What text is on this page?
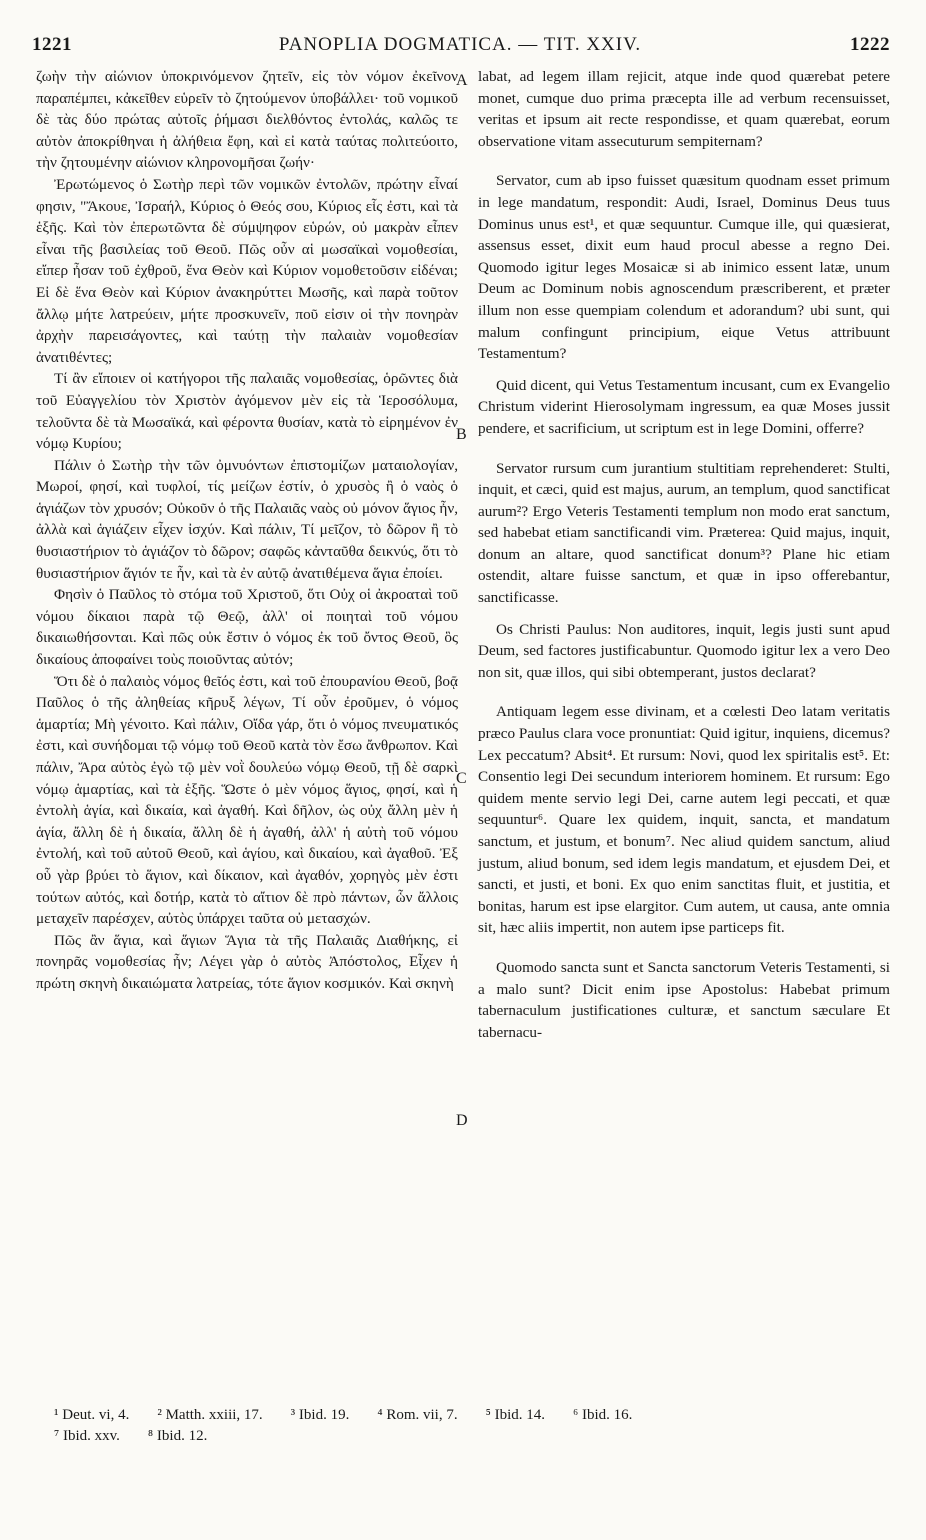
1221	PANOPLIA DOGMATICA. — TIT. XXIV.	1222

ζωὴν τὴν αἰώνιον ὑποκρινόμενον ζητεῖν, εἰς τὸν νόμον ἐκεῖνον παραπέμπει, κἀκεῖθεν εὑρεῖν τὸ ζητούμενον ὑποβάλλει· τοῦ νομικοῦ δὲ τὰς δύο πρώτας αὐτοῖς ῥήμασι διελθόντος ἐντολάς, καλῶς τε αὐτὸν ἀποκρίθηναι ἡ ἀλήθεια ἔφη, καὶ εἰ κατὰ ταύτας πολιτεύοιτο, τὴν ζητουμένην αἰώνιον κληρονομῆσαι ζωήν·

Ἐρωτώμενος ὁ Σωτὴρ περὶ τῶν νομικῶν ἐντολῶν, πρώτην εἶναί φησιν, "Ἄκουε, Ἰσραήλ, Κύριος ὁ Θεός σου, Κύριος εἷς ἐστι, καὶ τὰ ἑξῆς. Καὶ τὸν ἐπερωτῶντα δὲ σύμψηφον εὑρών, οὐ μακρὰν εἶπεν εἶναι τῆς βασιλείας τοῦ Θεοῦ. Πῶς οὖν αἱ μωσαϊκαὶ νομοθεσίαι, εἴπερ ἦσαν τοῦ ἐχθροῦ, ἕνα Θεὸν καὶ Κύριον νομοθετοῦσιν εἰδέναι; Εἰ δὲ ἕνα Θεὸν καὶ Κύριον ἀνακηρύττει Μωσῆς, καὶ παρὰ τοῦτον ἄλλῳ μήτε λατρεύειν, μήτε προσκυνεῖν, ποῦ εἰσιν οἱ τὴν πονηρὰν ἀρχὴν παρεισάγοντες, καὶ ταύτῃ τὴν παλαιὰν νομοθεσίαν ἀνατιθέντες;

Τί ἂν εἴποιεν οἱ κατήγοροι τῆς παλαιᾶς νομοθεσίας, ὁρῶντες διὰ τοῦ Εὐαγγελίου τὸν Χριστὸν ἀγόμενον μὲν εἰς τὰ Ἱεροσόλυμα, τελοῦντα δὲ τὰ Μωσαϊκά, καὶ φέροντα θυσίαν, κατὰ τὸ εἰρημένον ἐν νόμῳ Κυρίου;

Πάλιν ὁ Σωτὴρ τὴν τῶν ὀμνυόντων ἐπιστομίζων ματαιολογίαν, Μωροί, φησί, καὶ τυφλοί, τίς μείζων ἐστίν, ὁ χρυσὸς ἢ ὁ ναὸς ὁ ἁγιάζων τὸν χρυσόν; Οὐκοῦν ὁ τῆς Παλαιᾶς ναὸς οὐ μόνον ἅγιος ἦν, ἀλλὰ καὶ ἁγιάζειν εἶχεν ἰσχύν. Καὶ πάλιν, Τί μεῖζον, τὸ δῶρον ἢ τὸ θυσιαστήριον τὸ ἁγιάζον τὸ δῶρον; σαφῶς κἀνταῦθα δεικνύς, ὅτι τὸ θυσιαστήριον ἅγιόν τε ἦν, καὶ τὰ ἐν αὐτῷ ἀνατιθέμενα ἅγια ἐποίει.

Φησὶν ὁ Παῦλος τὸ στόμα τοῦ Χριστοῦ, ὅτι Οὐχ οἱ ἀκροαταὶ τοῦ νόμου δίκαιοι παρὰ τῷ Θεῷ, ἀλλ' οἱ ποιηταὶ τοῦ νόμου δικαιωθήσονται. Καὶ πῶς οὐκ ἔστιν ὁ νόμος ἐκ τοῦ ὄντος Θεοῦ, ὃς δικαίους ἀποφαίνει τοὺς ποιοῦντας αὐτόν;

Ὅτι δὲ ὁ παλαιὸς νόμος θεῖός ἐστι, καὶ τοῦ ἐπουρανίου Θεοῦ, βοᾷ Παῦλος ὁ τῆς ἀληθείας κῆρυξ λέγων, Τί οὖν ἐροῦμεν, ὁ νόμος ἁμαρτία; Μὴ γένοιτο. Καὶ πάλιν, Οἴδα γάρ, ὅτι ὁ νόμος πνευματικός ἐστι, καὶ συνήδομαι τῷ νόμῳ τοῦ Θεοῦ κατὰ τὸν ἔσω ἄνθρωπον. Καὶ πάλιν, Ἄρα αὐτὸς ἐγὼ τῷ μὲν νοῒ δουλεύω νόμῳ Θεοῦ, τῇ δὲ σαρκὶ νόμῳ ἁμαρτίας, καὶ τὰ ἑξῆς. Ὥστε ὁ μὲν νόμος ἅγιος, φησί, καὶ ἡ ἐντολὴ ἁγία, καὶ δικαία, καὶ ἀγαθή. Καὶ δῆλον, ὡς οὐχ ἄλλη μὲν ἡ ἁγία, ἄλλη δὲ ἡ δικαία, ἄλλη δὲ ἡ ἀγαθή, ἀλλ' ἡ αὐτὴ τοῦ νόμου ἐντολή, καὶ τοῦ αὐτοῦ Θεοῦ, καὶ ἁγίου, καὶ δικαίου, καὶ ἀγαθοῦ. Ἐξ οὗ γὰρ βρύει τὸ ἅγιον, καὶ δίκαιον, καὶ ἀγαθόν, χορηγὸς μὲν ἐστι τούτων αὐτός, καὶ δοτήρ, κατὰ τὸ αἴτιον δὲ πρὸ πάντων, ὧν ἄλλοις μεταχεῖν παρέσχεν, αὐτὸς ὑπάρχει ταῦτα οὐ μετασχών.

Πῶς ἂν ἅγια, καὶ ἅγιων Ἅγια τὰ τῆς Παλαιᾶς Διαθήκης, εἰ πονηρᾶς νομοθεσίας ἦν; Λέγει γὰρ ὁ αὐτὸς Ἀπόστολος, Εἶχεν ἡ πρώτη σκηνὴ δικαιώματα λατρείας, τότε ἅγιον κοσμικόν. Καὶ σκηνὴ

A
B
C
D

labat, ad legem illam rejicit, atque inde quod quærebat petere monet, cumque duo prima præcepta ille ad verbum recensuisset, veritas et ipsum ait recte respondisse, et quam quærebat, eorum observatione vitam assecuturum sempiternam?

Servator, cum ab ipso fuisset quæsitum quodnam esset primum in lege mandatum, respondit: Audi, Israel, Dominus Deus tuus Dominus unus est¹, et quæ sequuntur. Cumque ille, qui quæsierat, assensus esset, dixit eum haud procul abesse a regno Dei. Quomodo igitur leges Mosaicæ si ab inimico essent latæ, unum Deum ac Dominum nobis agnoscendum præscriberent, et præter illum non esse quempiam colendum et adorandum? ubi sunt, qui malum confingunt principium, eique Vetus attribuunt Testamentum?

Quid dicent, qui Vetus Testamentum incusant, cum ex Evangelio Christum viderint Hierosolymam ingressum, ea quæ Moses jussit pendere, et sacrificium, ut scriptum est in lege Domini, offerre?

Servator rursum cum jurantium stultitiam reprehenderet: Stulti, inquit, et cæci, quid est majus, aurum, an templum, quod sanctificat aurum²? Ergo Veteris Testamenti templum non modo erat sanctum, sed habebat etiam sanctificandi vim. Præterea: Quid majus, inquit, donum an altare, quod sanctificat donum³? Plane hic etiam ostendit, altare fuisse sanctum, et quæ in ipso offerebantur, sanctificasse.

Os Christi Paulus: Non auditores, inquit, legis justi sunt apud Deum, sed factores justificabuntur. Quomodo igitur lex a vero Deo non sit, quæ illos, qui sibi obtemperant, justos declarat?

Antiquam legem esse divinam, et a cœlesti Deo latam veritatis præco Paulus clara voce pronuntiat: Quid igitur, inquiens, dicemus? Lex peccatum? Absit⁴. Et rursum: Novi, quod lex spiritalis est⁵. Et: Consentio legi Dei secundum interiorem hominem. Et rursum: Ego quidem mente servio legi Dei, carne autem legi peccati, et quæ sequuntur⁶. Quare lex quidem, inquit, sancta, et mandatum sanctum, et justum, et bonum⁷. Nec aliud quidem sanctum, aliud justum, aliud bonum, sed idem legis mandatum, et ejusdem Dei, et sancti, et justi, et boni. Ex quo enim sanctitas fluit, et justitia, et bonitas, harum est ipse elargitor. Cum autem, ut causa, ante omnia sit, hæc aliis impertit, non autem ipse particeps fit.

Quomodo sancta sunt et Sancta sanctorum Veteris Testamenti, si a malo sunt? Dicit enim ipse Apostolus: Habebat primum tabernaculum justificationes culturæ, et sanctum sæculare Et tabernacu-

¹ Deut. vi, 4. ² Matth. xxiii, 17. ³ Ibid. 19. ⁴ Rom. vii, 7. ⁵ Ibid. 14. ⁶ Ibid. 16.
⁷ Ibid. xxv. ⁸ Ibid. 12.
